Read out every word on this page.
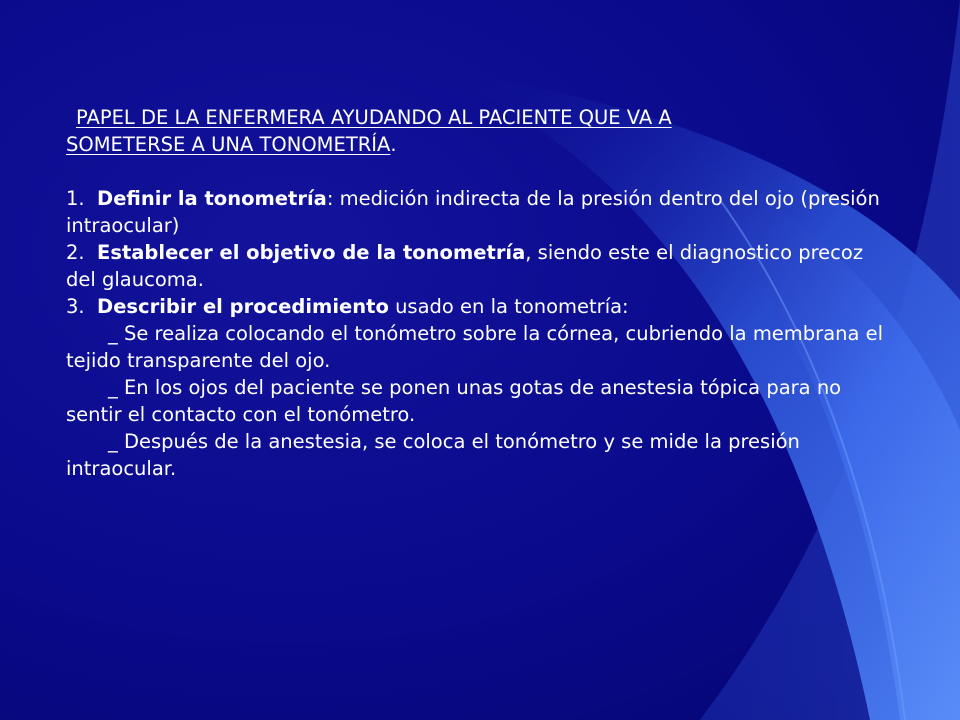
PAPEL DE LA ENFERMERA AYUDANDO AL PACIENTE QUE VA A

SOMETERSE A UNA TONOMETRÍA.

1. Definir la tonometría: medición indirecta de la presión dentro del ojo (presión intraocular)

2. Establecer el objetivo de la tonometría, siendo este el diagnostico precoz del glaucoma.

3. Describir el procedimiento usado en la tonometría:

_ Se realiza colocando el tonómetro sobre la córnea, cubriendo la membrana el tejido transparente del ojo.

_ En los ojos del paciente se ponen unas gotas de anestesia tópica para no sentir el contacto con el tonómetro.

_ Después de la anestesia, se coloca el tonómetro y se mide la presión intraocular.
